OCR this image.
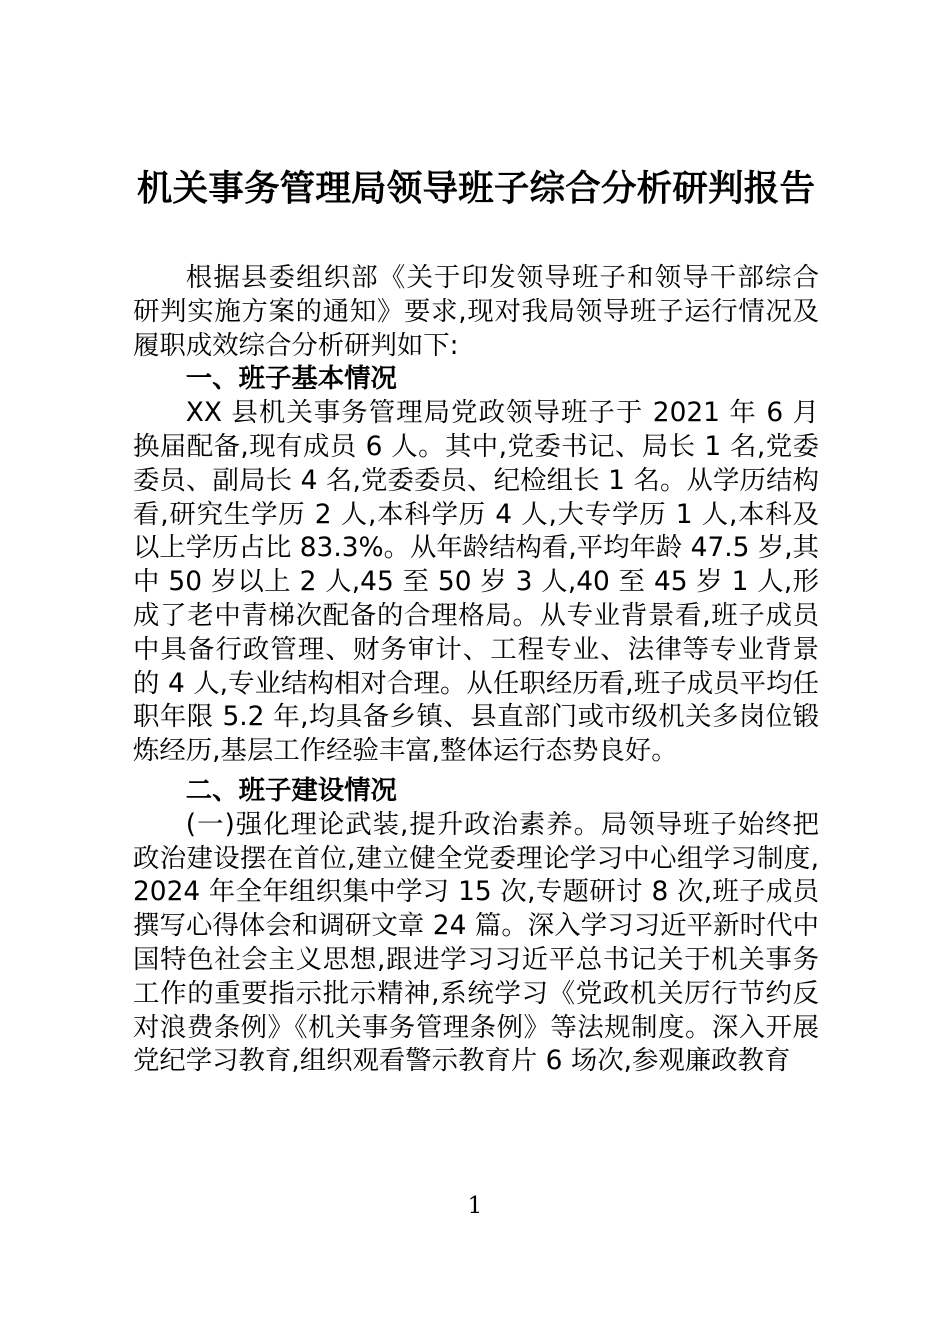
机关事务管理局领导班子综合分析研判报告

根据县委组织部《关于印发领导班子和领导干部综合研判实施方案的通知》要求,现对我局领导班子运行情况及履职成效综合分析研判如下:

一、班子基本情况

XX 县机关事务管理局党政领导班子于 2021 年 6 月换届配备,现有成员 6 人。其中,党委书记、局长 1 名,党委委员、副局长 4 名,党委委员、纪检组长 1 名。从学历结构看,研究生学历 2 人,本科学历 4 人,大专学历 1 人,本科及以上学历占比 83.3%。从年龄结构看,平均年龄 47.5 岁,其中 50 岁以上 2 人,45 至 50 岁 3 人,40 至 45 岁 1 人,形成了老中青梯次配备的合理格局。从专业背景看,班子成员中具备行政管理、财务审计、工程专业、法律等专业背景的 4 人,专业结构相对合理。从任职经历看,班子成员平均任职年限 5.2 年,均具备乡镇、县直部门或市级机关多岗位锻炼经历,基层工作经验丰富,整体运行态势良好。

二、班子建设情况

(一)强化理论武装,提升政治素养。局领导班子始终把政治建设摆在首位,建立健全党委理论学习中心组学习制度,2024 年全年组织集中学习 15 次,专题研讨 8 次,班子成员撰写心得体会和调研文章 24 篇。深入学习习近平新时代中国特色社会主义思想,跟进学习习近平总书记关于机关事务工作的重要指示批示精神,系统学习《党政机关厉行节约反对浪费条例》《机关事务管理条例》等法规制度。深入开展党纪学习教育,组织观看警示教育片 6 场次,参观廉政教育

1
